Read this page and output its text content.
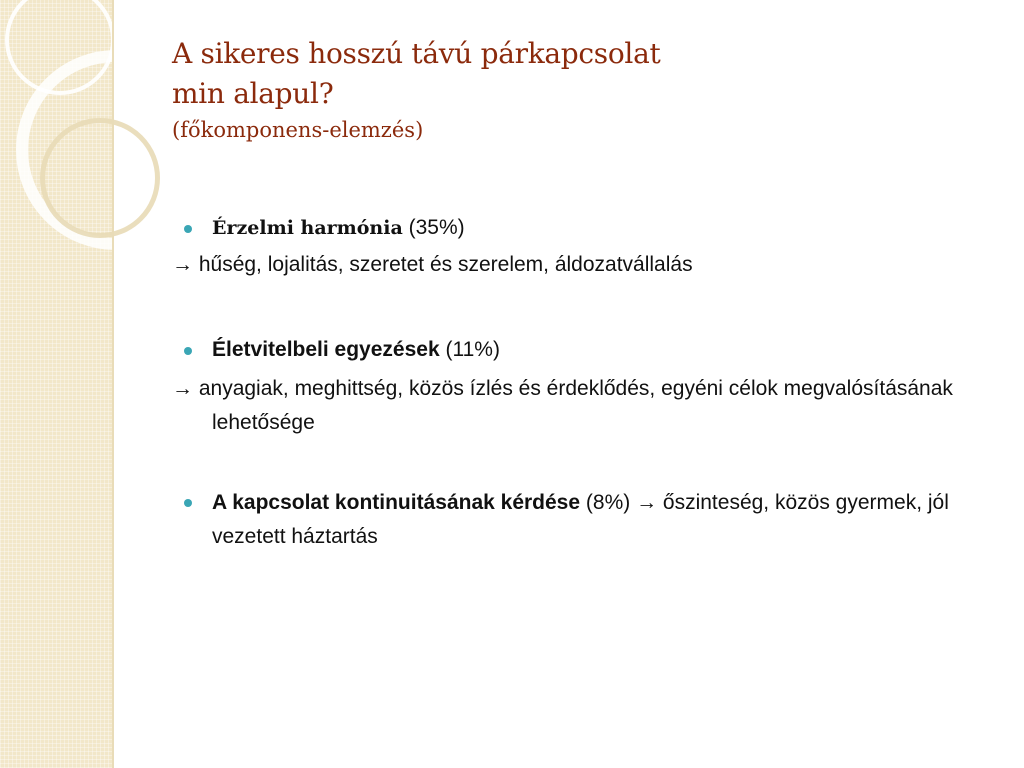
A sikeres hosszú távú párkapcsolat
min alapul?
(főkomponens-elemzés)
Érzelmi harmónia (35%)
→ hűség, lojalitás, szeretet és szerelem, áldozatvállalás
Életvitelbeli egyezések (11%)
→ anyagiak, meghittség, közös ízlés és érdeklődés, egyéni célok megvalósításának lehetősége
A kapcsolat kontinuitásának kérdése (8%) → őszinteség, közös gyermek, jól vezetett háztartás
